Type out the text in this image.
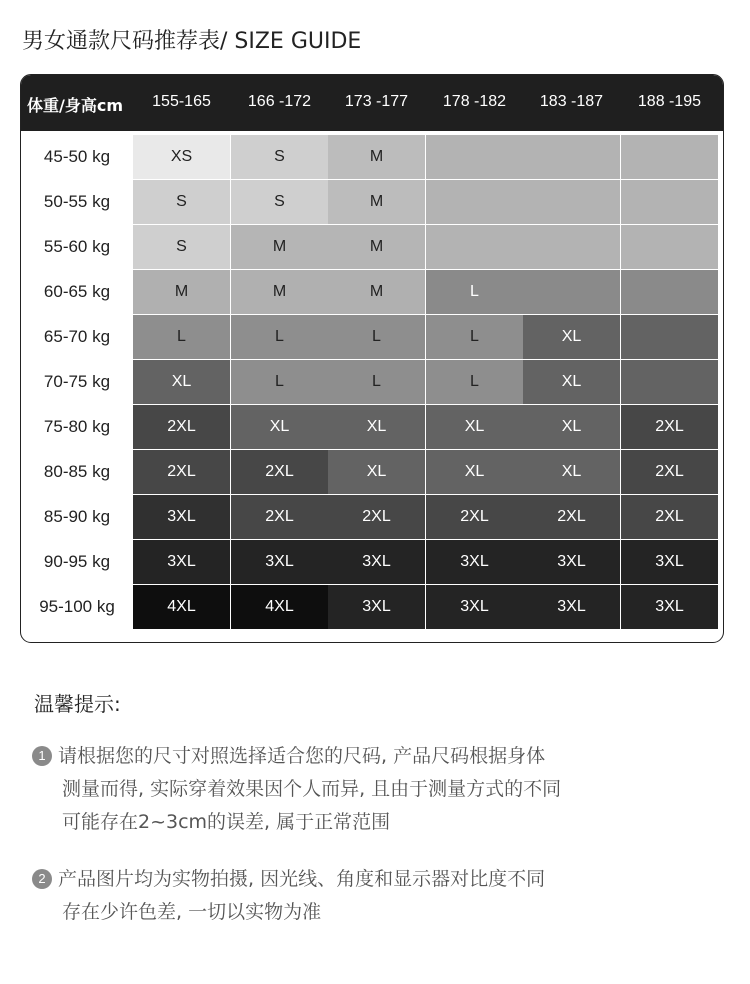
男女通款尺码推荐表/ SIZE GUIDE
体重/身高cm	155-165	166 -172	173 -177	178 -182	183 -187	188 -195
45-50 kg	XS	S	M
50-55 kg	S	S	M
55-60 kg	S	M	M
60-65 kg	M	M	M	L
65-70 kg	L	L	L	L	XL
70-75 kg	XL	L	L	L	XL
75-80 kg	2XL	XL	XL	XL	XL	2XL
80-85 kg	2XL	2XL	XL	XL	XL	2XL
85-90 kg	3XL	2XL	2XL	2XL	2XL	2XL
90-95 kg	3XL	3XL	3XL	3XL	3XL	3XL
95-100 kg	4XL	4XL	3XL	3XL	3XL	3XL
温馨提示:
1 请根据您的尺寸对照选择适合您的尺码, 产品尺码根据身体
测量而得, 实际穿着效果因个人而异, 且由于测量方式的不同
可能存在2~3cm的误差, 属于正常范围
2 产品图片均为实物拍摄, 因光线、角度和显示器对比度不同
存在少许色差, 一切以实物为准
